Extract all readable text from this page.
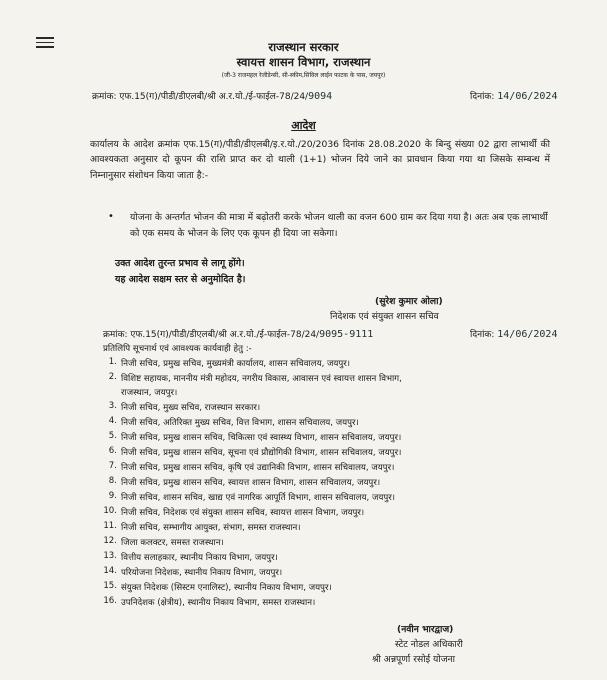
राजस्थान सरकार
स्वायत्त शासन विभाग, राजस्थान
(जी-3 राजमहल रेजीडेन्सी, सी-स्कीम,सिविल लाईन फाटक के पास, जयपुर)
क्रमांक: एफ.15(ग)/पीडी/डीएलबी/श्री अ.र.यो./ई-फाईल-78/24/9094	दिनांक: 14/06/2024
आदेश
कार्यालय के आदेश क्रमांक एफ.15(ग)/पीडी/डीएलबी/इ.र.यो./20/2036 दिनांक 28.08.2020 के बिन्दु संख्या 02 द्वारा लाभार्थी की आवश्यकता अनुसार दो कूपन की राशि प्राप्त कर दो थाली (1+1) भोजन दिये जाने का प्रावधान किया गया था जिसके सम्बन्ध में निम्नानुसार संशोधन किया जाता है:-
• योजना के अन्तर्गत भोजन की मात्रा में बढ़ोतरी करके भोजन थाली का वजन 600 ग्राम कर दिया गया है। अतः अब एक लाभार्थी को एक समय के भोजन के लिए एक कूपन ही दिया जा सकेगा।
उक्त आदेश तुरन्त प्रभाव से लागू होंगे।
यह आदेश सक्षम स्तर से अनुमोदित है।
(सुरेश कुमार ओला)
निदेशक एवं संयुक्त शासन सचिव
क्रमांक: एफ.15(ग)/पीडी/डीएलबी/श्री अ.र.यो./ई-फाईल-78/24/9095-9111	दिनांक: 14/06/2024
प्रतिलिपि सूचनार्थ एवं आवश्यक कार्यवाही हेतु :-
1. निजी सचिव, प्रमुख सचिव, मुख्यमंत्री कार्यालय, शासन सचिवालय, जयपुर।
2. विशिष्ट सहायक, माननीय मंत्री महोदय, नगरीय विकास, आवासन एवं स्वायत्त शासन विभाग,
राजस्थान, जयपुर।
3. निजी सचिव, मुख्य सचिव, राजस्थान सरकार।
4. निजी सचिव, अतिरिक्त मुख्य सचिव, वित्त विभाग, शासन सचिवालय, जयपुर।
5. निजी सचिव, प्रमुख शासन सचिव, चिकित्सा एवं स्वास्थ्य विभाग, शासन सचिवालय, जयपुर।
6. निजी सचिव, प्रमुख शासन सचिव, सूचना एवं प्रौद्योगिकी विभाग, शासन सचिवालय, जयपुर।
7. निजी सचिव, प्रमुख शासन सचिव, कृषि एवं उद्यानिकी विभाग, शासन सचिवालय, जयपुर।
8. निजी सचिव, प्रमुख शासन सचिव, स्वायत्त शासन विभाग, शासन सचिवालय, जयपुर।
9. निजी सचिव, शासन सचिव, खाद्य एवं नागरिक आपूर्ति विभाग, शासन सचिवालय, जयपुर।
10. निजी सचिव, निदेशक एवं संयुक्त शासन सचिव, स्वायत्त शासन विभाग, जयपुर।
11. निजी सचिव, सम्भागीय आयुक्त, संभाग, समस्त राजस्थान।
12. जिला कलक्टर, समस्त राजस्थान।
13. वित्तीय सलाहकार, स्थानीय निकाय विभाग, जयपुर।
14. परियोजना निदेशक, स्थानीय निकाय विभाग, जयपुर।
15. संयुक्त निदेशक (सिस्टम एनालिस्ट), स्थानीय निकाय विभाग, जयपुर।
16. उपनिदेशक (क्षेत्रीय), स्थानीय निकाय विभाग, समस्त राजस्थान।
(नवीन भारद्वाज)
स्टेट नोडल अधिकारी
श्री अन्नपूर्णा रसोई योजना
